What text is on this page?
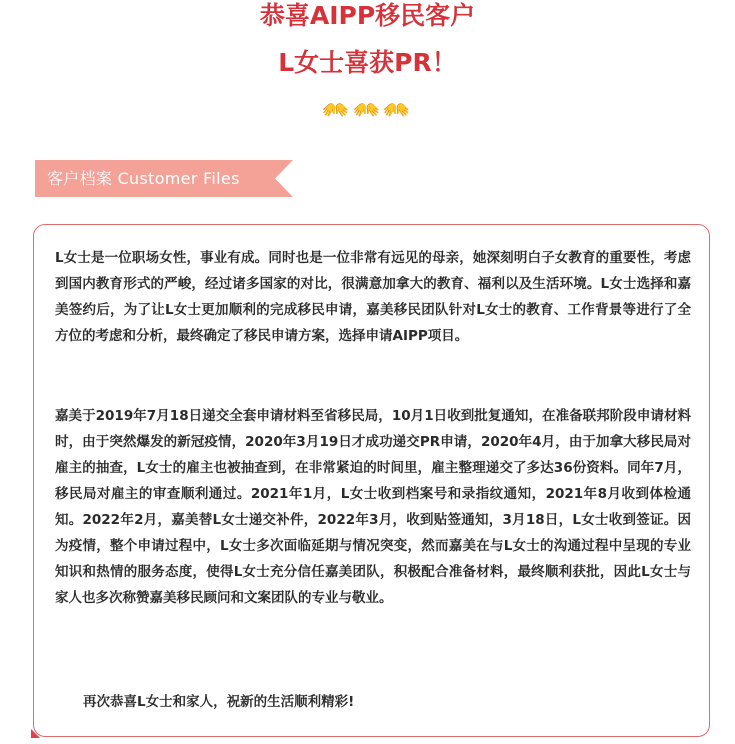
恭喜AIPP移民客户
L女士喜获PR！
👐 👐 👐
客户档案 Customer Files

L女士是一位职场女性，事业有成。同时也是一位非常有远见的母亲，她深刻明白子女教育的重要性，考虑到国内教育形式的严峻，经过诸多国家的对比，很满意加拿大的教育、福利以及生活环境。L女士选择和嘉美签约后，为了让L女士更加顺利的完成移民申请，嘉美移民团队针对L女士的教育、工作背景等进行了全方位的考虑和分析，最终确定了移民申请方案，选择申请AIPP项目。

嘉美于2019年7月18日递交全套申请材料至省移民局，10月1日收到批复通知，在准备联邦阶段申请材料时，由于突然爆发的新冠疫情，2020年3月19日才成功递交PR申请，2020年4月，由于加拿大移民局对雇主的抽查，L女士的雇主也被抽查到，在非常紧迫的时间里，雇主整理递交了多达36份资料。同年7月，移民局对雇主的审查顺利通过。2021年1月，L女士收到档案号和录指纹通知，2021年8月收到体检通知。2022年2月，嘉美替L女士递交补件，2022年3月，收到贴签通知，3月18日，L女士收到签证。因为疫情，整个申请过程中，L女士多次面临延期与情况突变，然而嘉美在与L女士的沟通过程中呈现的专业知识和热情的服务态度，使得L女士充分信任嘉美团队，积极配合准备材料，最终顺利获批，因此L女士与家人也多次称赞嘉美移民顾问和文案团队的专业与敬业。

再次恭喜L女士和家人，祝新的生活顺利精彩!
